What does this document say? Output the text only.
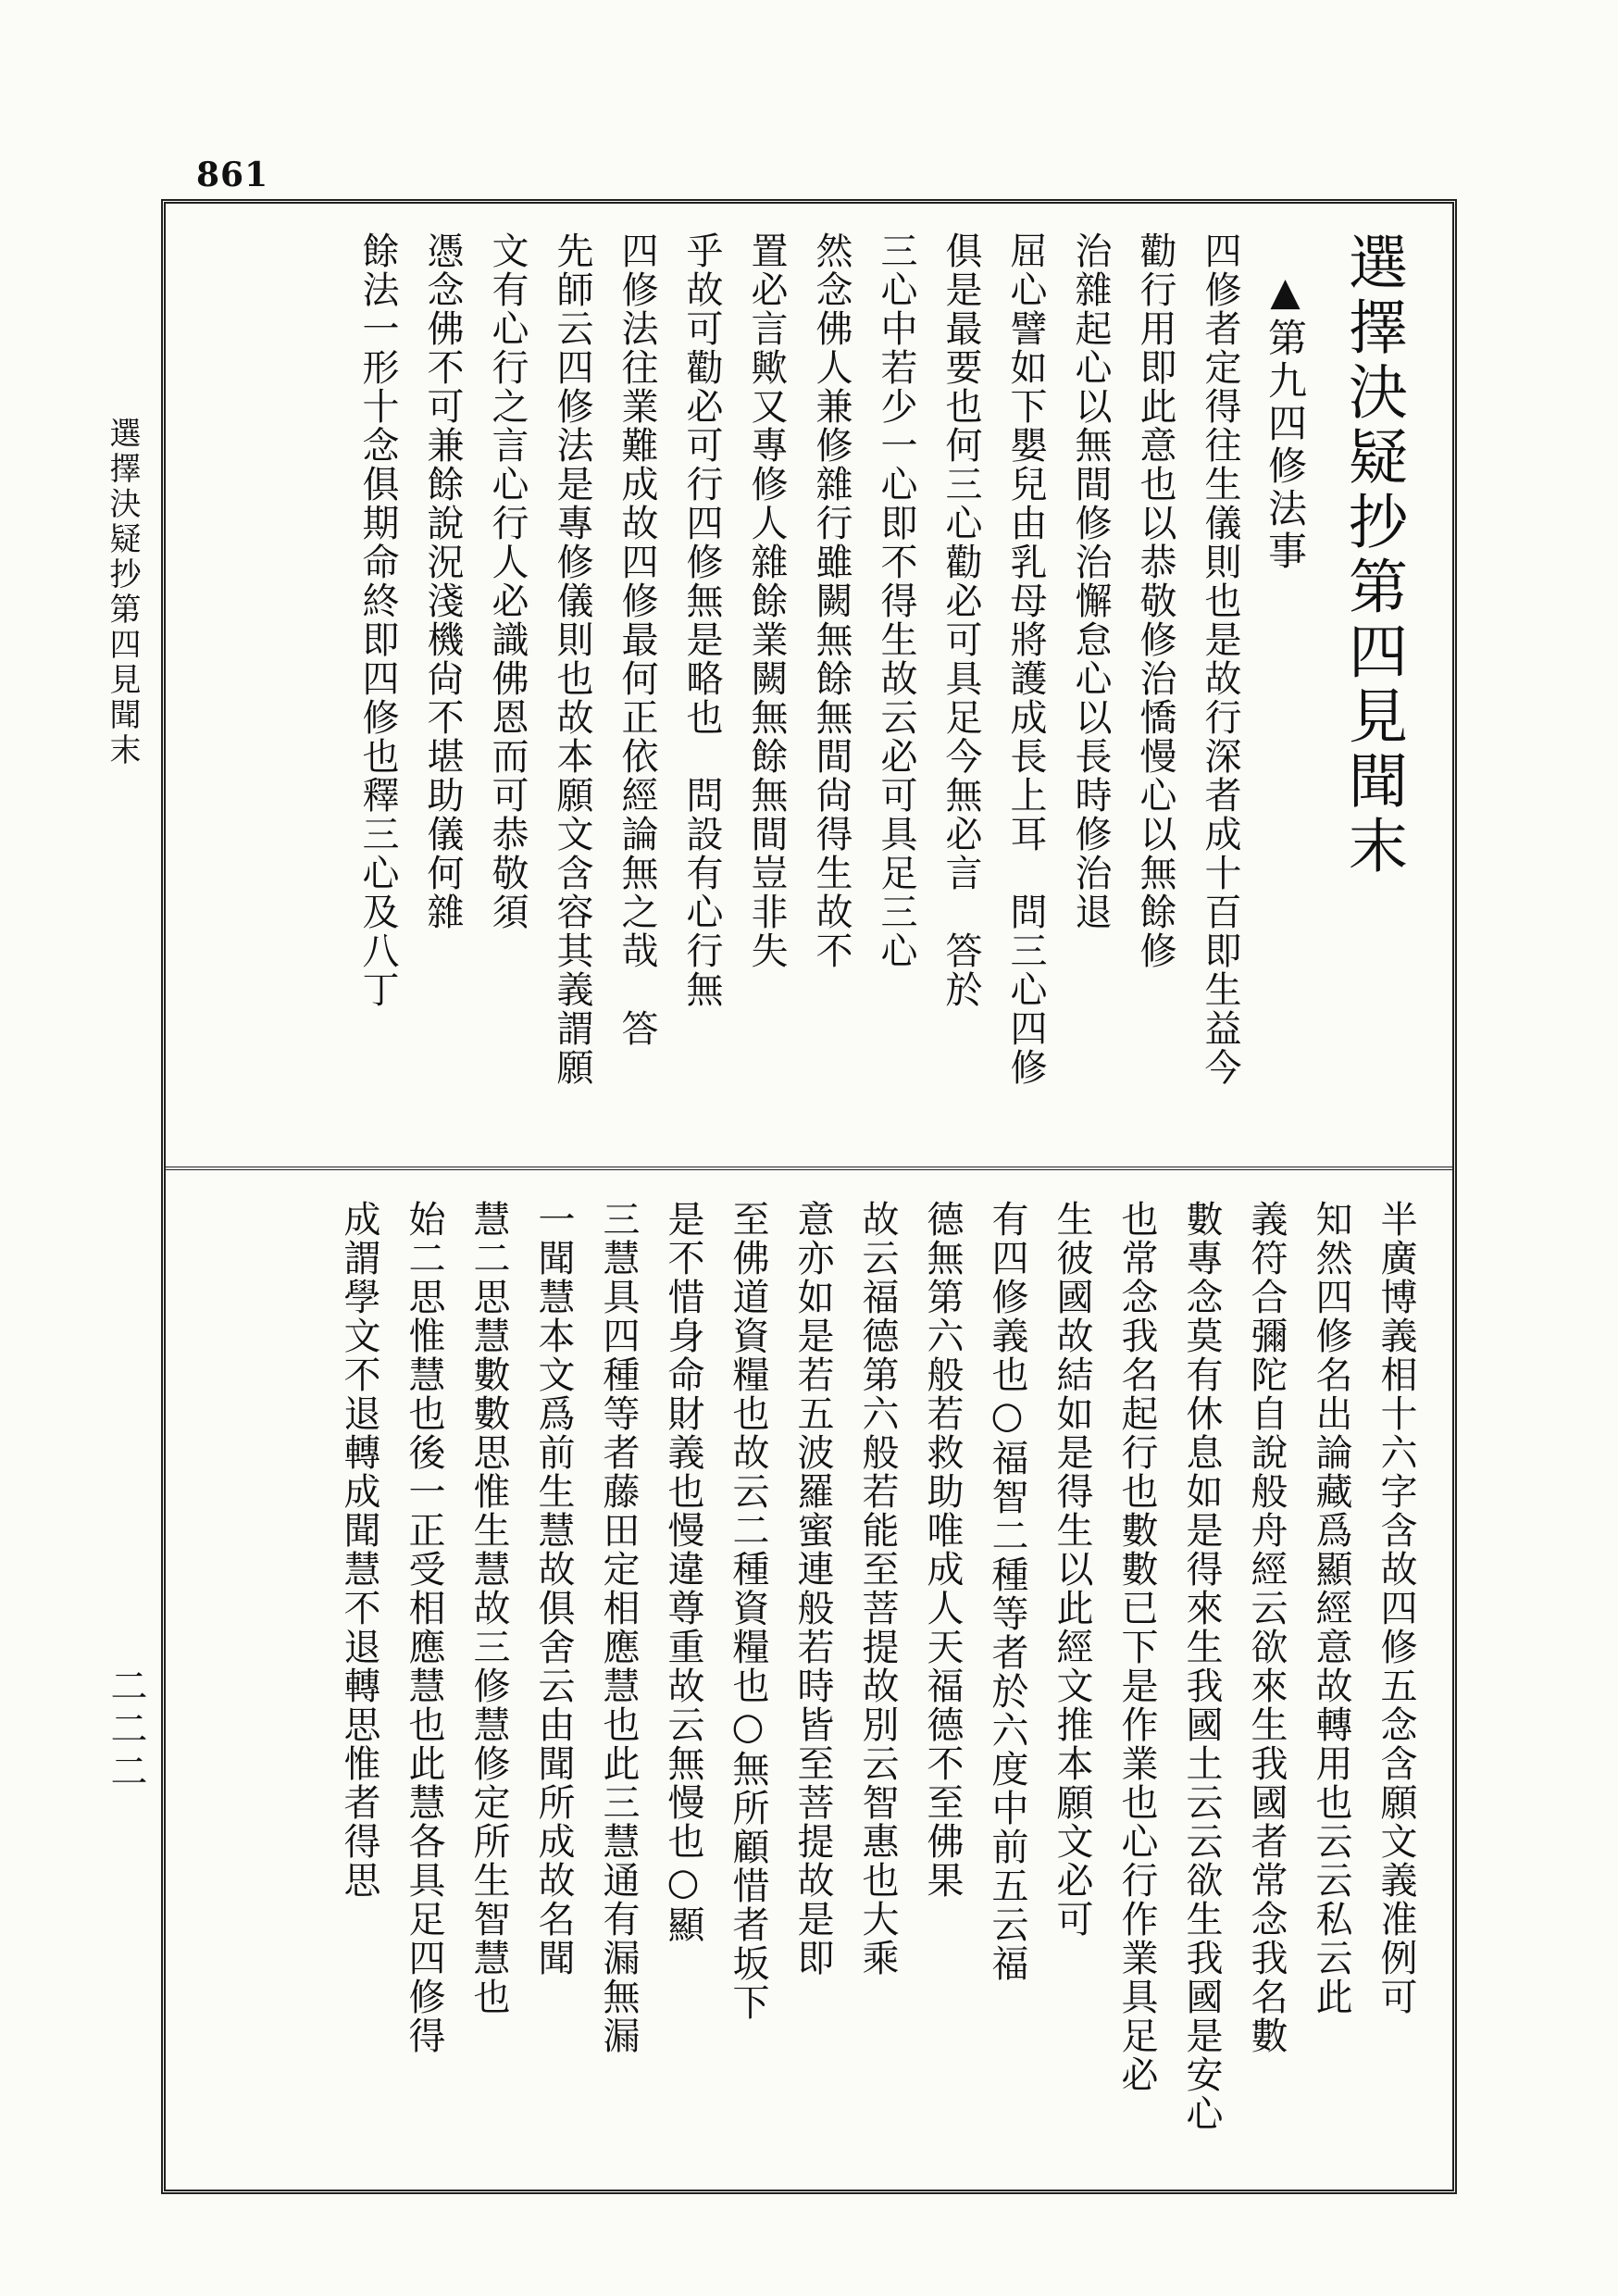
861
選擇決疑抄第四見聞末
二二二

選擇決疑抄第四見聞末

▲第九四修法事

四修者定得往生儀則也是故行深者成十百即生益今

勸行用即此意也以恭敬修治憍慢心以無餘修

治雜起心以無間修治懈怠心以長時修治退

屈心譬如下嬰兒由乳母將護成長上耳　問三心四修

俱是最要也何三心勸必可具足今無必言　答於

三心中若少一心即不得生故云必可具足三心

然念佛人兼修雜行雖闕無餘無間尙得生故不

置必言歟又專修人雜餘業闕無餘無間豈非失

乎故可勸必可行四修無是略也　問設有心行無

四修法往業難成故四修最何正依經論無之哉　答

先師云四修法是專修儀則也故本願文含容其義謂願

文有心行之言心行人必識佛恩而可恭敬須

憑念佛不可兼餘說況淺機尙不堪助儀何雜

餘法一形十念俱期命終即四修也釋三心及八丁

半廣博義相十六字含故四修五念含願文義准例可

知然四修名出論藏爲顯經意故轉用也云云私云此

義符合彌陀自說般舟經云欲來生我國者常念我名數

數專念莫有休息如是得來生我國土云云欲生我國是安心

也常念我名起行也數數已下是作業也心行作業具足必

生彼國故結如是得生以此經文推本願文必可

有四修義也○福智二種等者於六度中前五云福

德無第六般若救助唯成人天福德不至佛果

故云福德第六般若能至菩提故別云智惠也大乘

意亦如是若五波羅蜜連般若時皆至菩提故是即

至佛道資糧也故云二種資糧也○無所顧惜者坂下

是不惜身命財義也慢違尊重故云無慢也○顯

三慧具四種等者藤田定相應慧也此三慧通有漏無漏

一聞慧本文爲前生慧故俱舍云由聞所成故名聞

慧二思慧數數思惟生慧故三修慧修定所生智慧也

始二思惟慧也後一正受相應慧也此慧各具足四修得

成謂學文不退轉成聞慧不退轉思惟者得思
